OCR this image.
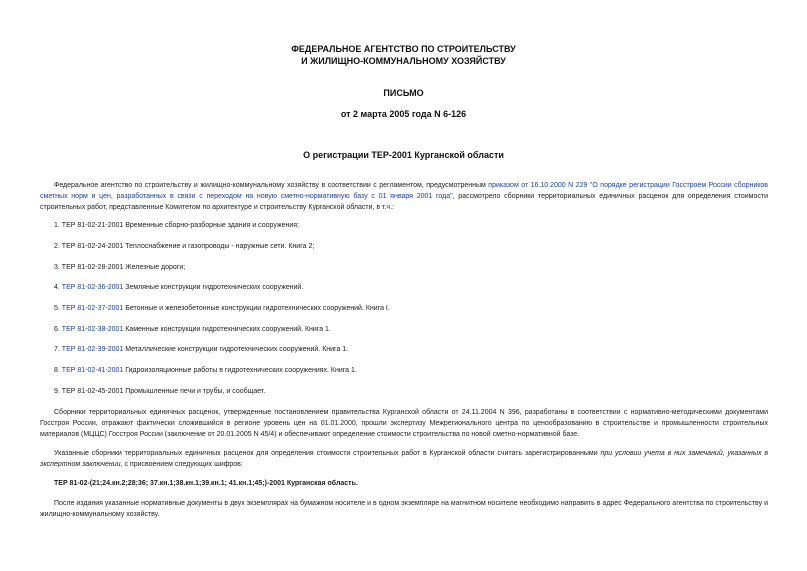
ФЕДЕРАЛЬНОЕ АГЕНТСТВО ПО СТРОИТЕЛЬСТВУ
И ЖИЛИЩНО-КОММУНАЛЬНОМУ ХОЗЯЙСТВУ
ПИСЬМО
от 2 марта 2005 года N 6-126
О регистрации ТЕР-2001 Курганской области
Федеральное агентство по строительству и жилищно-коммунальному хозяйству в соответствии с регламентом, предусмотренным приказом от 16.10.2000 N 229 "О порядке регистрации Госстроем России сборников сметных норм и цен, разработанных в связи с переходом на новую сметно-нормативную базу с 01 января 2001 года", рассмотрело сборники территориальных единичных расценок для определения стоимости строительных работ, представленные Комитетом по архитектуре и строительству Курганской области, в т.ч.:
1. ТЕР 81-02-21-2001 Временные сборно-разборные здания и сооружения;
2. ТЕР 81-02-24-2001 Теплоснабжение и газопроводы - наружные сети. Книга 2;
3. ТЕР 81-02-28-2001 Железные дороги;
4. ТЕР 81-02-36-2001 Земляные конструкции гидротехнических сооружений.
5. ТЕР 81-02-37-2001 Бетонные и железобетонные конструкции гидротехнических сооружений. Книга I.
6. ТЕР 81-02-38-2001 Каменные конструкции гидротехнических сооружений. Книга 1.
7. ТЕР 81-02-39-2001 Металлические конструкции гидротехнических сооружений. Книга 1.
8. ТЕР 81-02-41-2001 Гидроизоляционные работы в гидротехнических сооружениях. Книга 1.
9. ТЕР 81-02-45-2001 Промышленные печи и трубы, и сообщает.
Сборники территориальных единичных расценок, утвержденные постановлением правительства Курганской области от 24.11.2004 N 396, разработаны в соответствии с нормативно-методическими документами Госстроя России, отражают фактически сложившийся в регионе уровень цен на 01.01.2000, прошли экспертизу Межрегионального центра по ценообразованию в строительстве и промышленности строительных материалов (МЦЦС) Госстроя России (заключение от 20.01.2005 N 45/4) и обеспечивают определение стоимости строительства по новой сметно-нормативной базе.
Указанные сборники территориальных единичных расценок для определения стоимости строительных работ в Курганской области считать зарегистрированными при условии учета в них замечаний, указанных в экспертном заключении, с присвоением следующих шифров:
ТЕР 81-02-(21;24.кн.2;28;36; 37.кн.1;38.кн.1;39.кн.1; 41.кн.1;45;)-2001 Курганская область.
После издания указанные нормативные документы в двух экземплярах на бумажном носителе и в одном экземпляре на магнитном носителе необходимо направить в адрес Федерального агентства по строительству и жилищно-коммунальному хозяйству.
